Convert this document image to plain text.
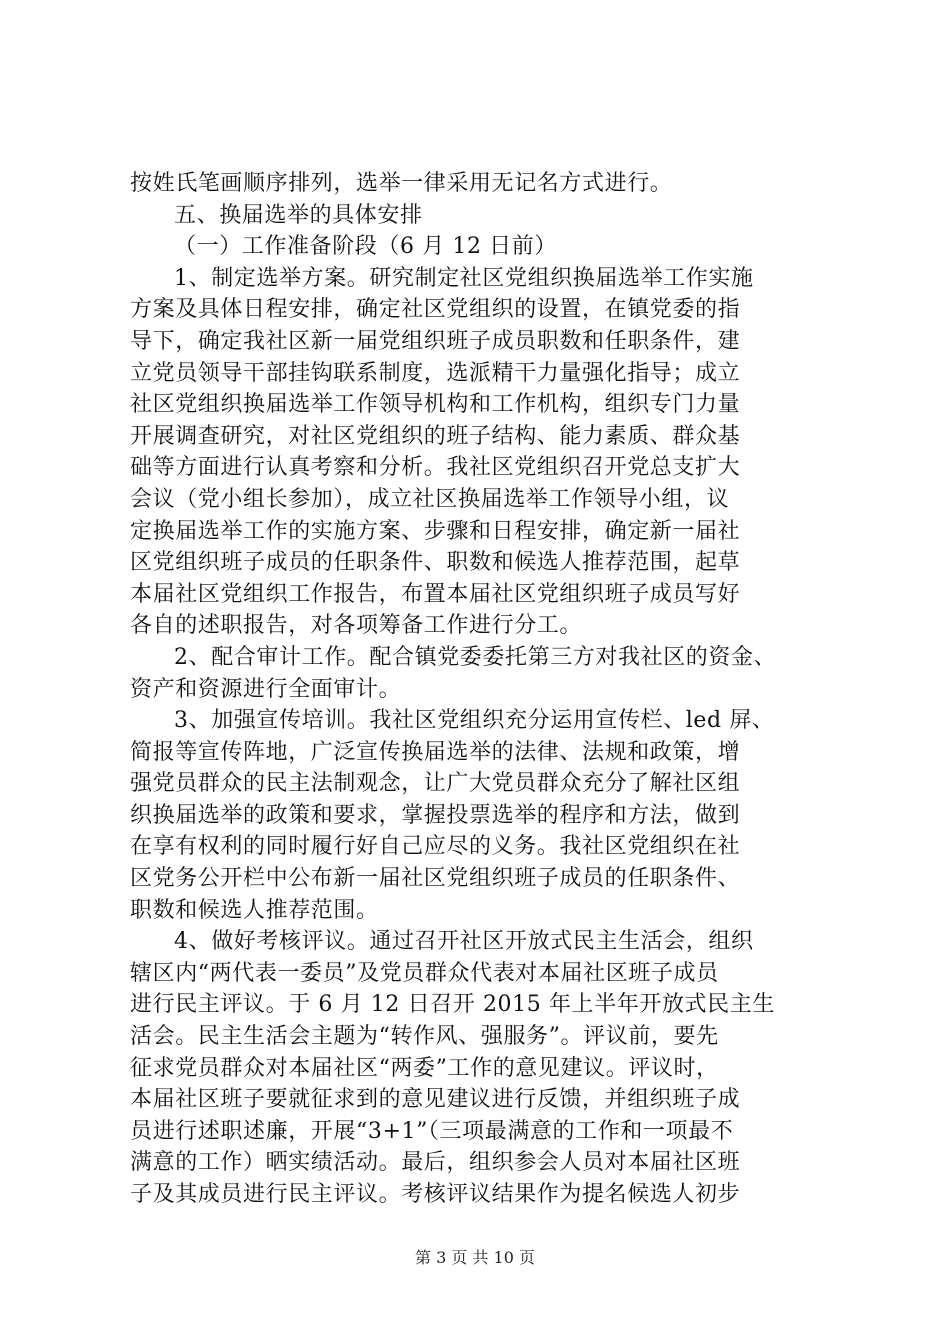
按姓氏笔画顺序排列，选举一律采用无记名方式进行。
五、换届选举的具体安排
（一）工作准备阶段（6 月 12 日前）
1、制定选举方案。研究制定社区党组织换届选举工作实施
方案及具体日程安排，确定社区党组织的设置，在镇党委的指
导下，确定我社区新一届党组织班子成员职数和任职条件，建
立党员领导干部挂钩联系制度，选派精干力量强化指导；成立
社区党组织换届选举工作领导机构和工作机构，组织专门力量
开展调查研究，对社区党组织的班子结构、能力素质、群众基
础等方面进行认真考察和分析。我社区党组织召开党总支扩大
会议（党小组长参加），成立社区换届选举工作领导小组，议
定换届选举工作的实施方案、步骤和日程安排，确定新一届社
区党组织班子成员的任职条件、职数和候选人推荐范围，起草
本届社区党组织工作报告，布置本届社区党组织班子成员写好
各自的述职报告，对各项筹备工作进行分工。
2、配合审计工作。配合镇党委委托第三方对我社区的资金、
资产和资源进行全面审计。
3、加强宣传培训。我社区党组织充分运用宣传栏、led 屏、
简报等宣传阵地，广泛宣传换届选举的法律、法规和政策，增
强党员群众的民主法制观念，让广大党员群众充分了解社区组
织换届选举的政策和要求，掌握投票选举的程序和方法，做到
在享有权利的同时履行好自己应尽的义务。我社区党组织在社
区党务公开栏中公布新一届社区党组织班子成员的任职条件、
职数和候选人推荐范围。
4、做好考核评议。通过召开社区开放式民主生活会，组织
辖区内“两代表一委员”及党员群众代表对本届社区班子成员
进行民主评议。于 6 月 12 日召开 2015 年上半年开放式民主生
活会。民主生活会主题为“转作风、强服务”。评议前，要先
征求党员群众对本届社区“两委”工作的意见建议。评议时，
本届社区班子要就征求到的意见建议进行反馈，并组织班子成
员进行述职述廉，开展“3+1”（三项最满意的工作和一项最不
满意的工作）晒实绩活动。最后，组织参会人员对本届社区班
子及其成员进行民主评议。考核评议结果作为提名候选人初步
第 3 页 共 10 页
